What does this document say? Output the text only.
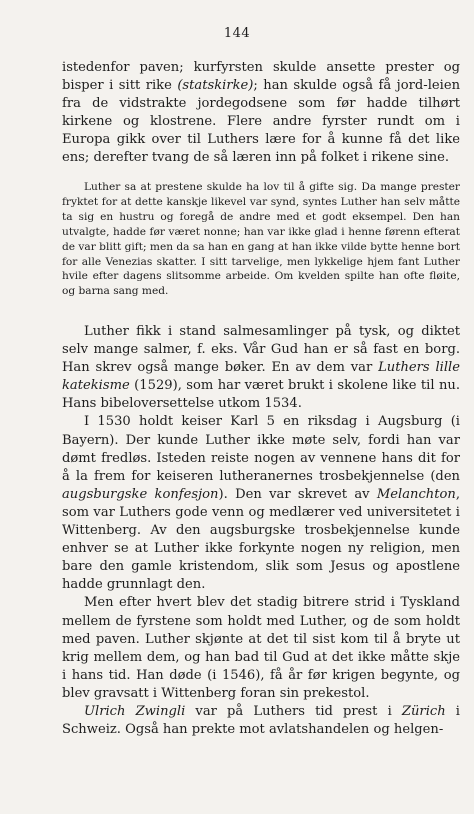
144

istedenfor paven; kurfyrsten skulde ansette prester og bisper i sitt rike (statskirke); han skulde også få jord-leien fra de vidstrakte jordegodsene som før hadde tilhørt kirkene og klostrene. Flere andre fyrster rundt om i Europa gikk over til Luthers lære for å kunne få det like ens; derefter tvang de så læren inn på folket i rikene sine.

Luther sa at prestene skulde ha lov til å gifte sig. Da mange prester fryktet for at dette kanskje likevel var synd, syntes Luther han selv måtte ta sig en hustru og foregå de andre med et godt eksempel. Den han utvalgte, hadde før været nonne; han var ikke glad i henne førenn efterat de var blitt gift; men da sa han en gang at han ikke vilde bytte henne bort for alle Venezias skatter. I sitt tarvelige, men lykkelige hjem fant Luther hvile efter dagens slitsomme arbeide. Om kvelden spilte han ofte fløite, og barna sang med.

Luther fikk i stand salmesamlinger på tysk, og diktet selv mange salmer, f. eks. Vår Gud han er så fast en borg. Han skrev også mange bøker. En av dem var Luthers lille katekisme (1529), som har været brukt i skolene like til nu. Hans bibeloversettelse utkom 1534.

I 1530 holdt keiser Karl 5 en riksdag i Augsburg (i Bayern). Der kunde Luther ikke møte selv, fordi han var dømt fredløs. Isteden reiste nogen av vennene hans dit for å la frem for keiseren lutheranernes trosbekjennelse (den augsburgske konfesjon). Den var skrevet av Melanchton, som var Luthers gode venn og medlærer ved universitetet i Wittenberg. Av den augsburgske trosbekjennelse kunde enhver se at Luther ikke forkynte nogen ny religion, men bare den gamle kristendom, slik som Jesus og apostlene hadde grunnlagt den.

Men efter hvert blev det stadig bitrere strid i Tyskland mellem de fyrstene som holdt med Luther, og de som holdt med paven. Luther skjønte at det til sist kom til å bryte ut krig mellem dem, og han bad til Gud at det ikke måtte skje i hans tid. Han døde (i 1546), få år før krigen begynte, og blev gravsatt i Wittenberg foran sin prekestol.

Ulrich Zwingli var på Luthers tid prest i Zürich i Schweiz. Også han prekte mot avlatshandelen og helgen-
